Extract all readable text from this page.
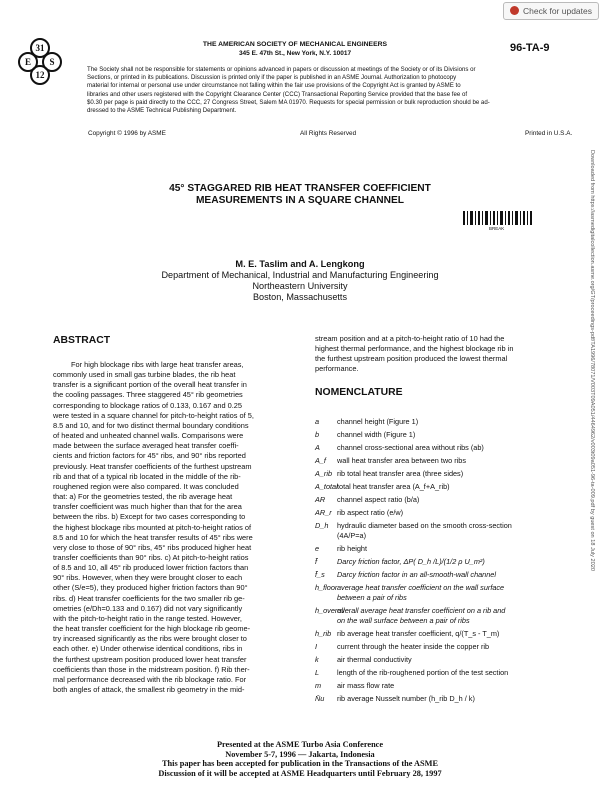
Check for updates
Downloaded from https://asmedigitalcollection.asme.org/GT/proceedings-pdf/TA1996/78071/V003T09A051/4464962/v003t09a051-96-ta-009.pdf by guest on 18 July 2020
31
E S
12
THE AMERICAN SOCIETY OF MECHANICAL ENGINEERS
345 E. 47th St., New York, N.Y. 10017	96-TA-9
The Society shall not be responsible for statements or opinions advanced in papers or discussion at meetings of the Society or of its Divisions or
Sections, or printed in its publications. Discussion is printed only if the paper is published in an ASME Journal. Authorization to photocopy
material for internal or personal use under circumstance not falling within the fair use provisions of the Copyright Act is granted by ASME to
libraries and other users registered with the Copyright Clearance Center (CCC) Transactional Reporting Service provided that the base fee of
$0.30 per page is paid directly to the CCC, 27 Congress Street, Salem MA 01970. Requests for special permission or bulk reproduction should be ad-
dressed to the ASME Technical Publishing Department.
Copyright © 1996 by ASME	All Rights Reserved	Printed in U.S.A.
45° STAGGARED RIB HEAT TRANSFER COEFFICIENT
MEASUREMENTS IN A SQUARE CHANNEL
BREAK
M. E. Taslim and A. Lengkong
Department of Mechanical, Industrial and Manufacturing Engineering
Northeastern University
Boston, Massachusetts
ABSTRACT

For high blockage ribs with large heat transfer areas,

commonly used in small gas turbine blades, the rib heat

transfer is a significant portion of the overall heat transfer in

the cooling passages. Three staggered 45° rib geometries

corresponding to blockage ratios of 0.133, 0.167 and 0.25

were tested in a square channel for pitch-to-height ratios of 5,

8.5 and 10, and for two distinct thermal boundary conditions

of heated and unheated channel walls. Comparisons were

made between the surface averaged heat transfer coeffi-

cients and friction factors for 45° ribs, and 90° ribs reported

previously. Heat transfer coefficients of the furthest upstream

rib and that of a typical rib located in the middle of the rib-

roughened region were also compared. It was concluded

that: a) For the geometries tested, the rib average heat

transfer coefficient was much higher than that for the area

between the ribs. b) Except for two cases corresponding to

the highest blockage ribs mounted at pitch-to-height ratios of

8.5 and 10 for which the heat transfer results of 45° ribs were

very close to those of 90° ribs, 45° ribs produced higher heat

transfer coefficients than 90° ribs. c) At pitch-to-height ratios

of 8.5 and 10, all 45° rib produced lower friction factors than

90° ribs. However, when they were brought closer to each

other (S/e=5), they produced higher friction factors than 90°

ribs. d) Heat transfer coefficients for the two smaller rib ge-

ometries (e/Dh=0.133 and 0.167) did not vary significantly

with the pitch-to-height ratio in the range tested. However,

the heat transfer coefficient for the high blockage rib geome-

try increased significantly as the ribs were brought closer to

each other. e) Under otherwise identical conditions, ribs in

the furthest upstream position produced lower heat transfer

coefficients than those in the midstream position. f) Rib ther-

mal performance decreased with the rib blockage ratio. For

both angles of attack, the smallest rib geometry in the mid-

stream position and at a pitch-to-height ratio of 10 had the

highest thermal performance, and the highest blockage rib in

the furthest upstream position produced the lowest thermal

performance.

NOMENCLATURE
a channel height (Figure 1)
b channel width (Figure 1)
A channel cross-sectional area without ribs (ab)
A_f wall heat transfer area between two ribs
A_rib rib total heat transfer area (three sides)
A_total total heat transfer area (A_f+A_rib)
AR channel aspect ratio (b/a)
AR_r rib aspect ratio (e/w)
D_h hydraulic diameter based on the smooth cross-section
(4A/P=a)
e rib height
f̄	Darcy friction factor, ΔP( D_h /L)/(1/2 ρ U_m²)
f̄_s Darcy friction factor in an all-smooth-wall channel
h_floor average heat transfer coefficient on the wall surface
between a pair of ribs
h_overall
overall average heat transfer coefficient on a rib and
on the wall surface between a pair of ribs
h_rib rib average heat transfer coefficient, q/(T_s - T_m)
I	current through the heater inside the copper rib
k	air thermal conductivity
L length of the rib-roughened portion of the test section
m air mass flow rate
N̄u rib average Nusselt number (h_rib D_h / k)
Presented at the ASME Turbo Asia Conference
November 5-7, 1996 — Jakarta, Indonesia
This paper has been accepted for publication in the Transactions of the ASME
Discussion of it will be accepted at ASME Headquarters until February 28, 1997
